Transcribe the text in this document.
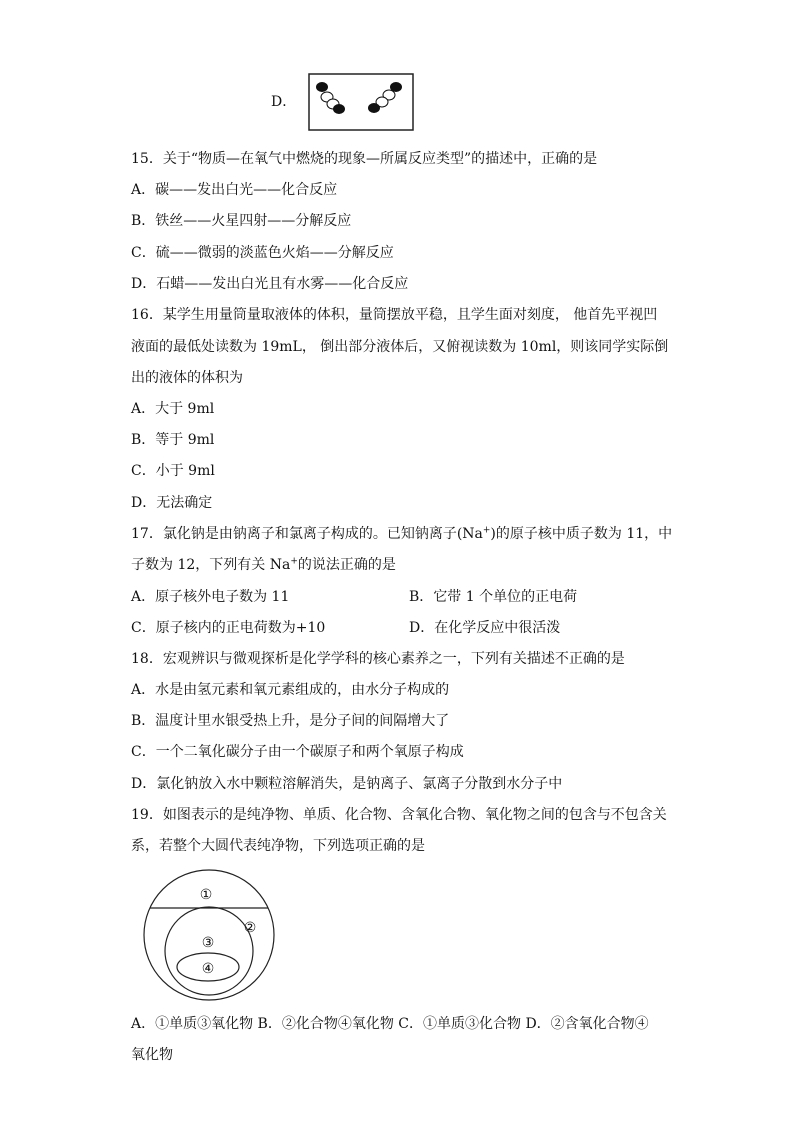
D．
15．关于“物质—在氧气中燃烧的现象—所属反应类型”的描述中，正确的是
A．碳——发出白光——化合反应
B．铁丝——火星四射——分解反应
C．硫——微弱的淡蓝色火焰——分解反应
D．石蜡——发出白光且有水雾——化合反应
16．某学生用量筒量取液体的体积，量筒摆放平稳，且学生面对刻度， 他首先平视凹
液面的最低处读数为 19mL， 倒出部分液体后，又俯视读数为 10ml，则该同学实际倒
出的液体的体积为
A．大于 9ml
B．等于 9ml
C．小于 9ml
D．无法确定
17．氯化钠是由钠离子和氯离子构成的。已知钠离子(Na+)的原子核中质子数为 11，中
子数为 12，下列有关 Na+的说法正确的是
A．原子核外电子数为 11	B．它带 1 个单位的正电荷
C．原子核内的正电荷数为+10	D．在化学反应中很活泼
18．宏观辨识与微观探析是化学学科的核心素养之一，下列有关描述不正确的是
A．水是由氢元素和氧元素组成的，由水分子构成的
B．温度计里水银受热上升，是分子间的间隔增大了
C．一个二氧化碳分子由一个碳原子和两个氧原子构成
D．氯化钠放入水中颗粒溶解消失，是钠离子、氯离子分散到水分子中
19．如图表示的是纯净物、单质、化合物、含氧化合物、氧化物之间的包含与不包含关
系，若整个大圆代表纯净物，下列选项正确的是
①
②
③
④
A．①单质③氧化物 B．②化合物④氧化物 C．①单质③化合物 D．②含氧化合物④
氧化物
